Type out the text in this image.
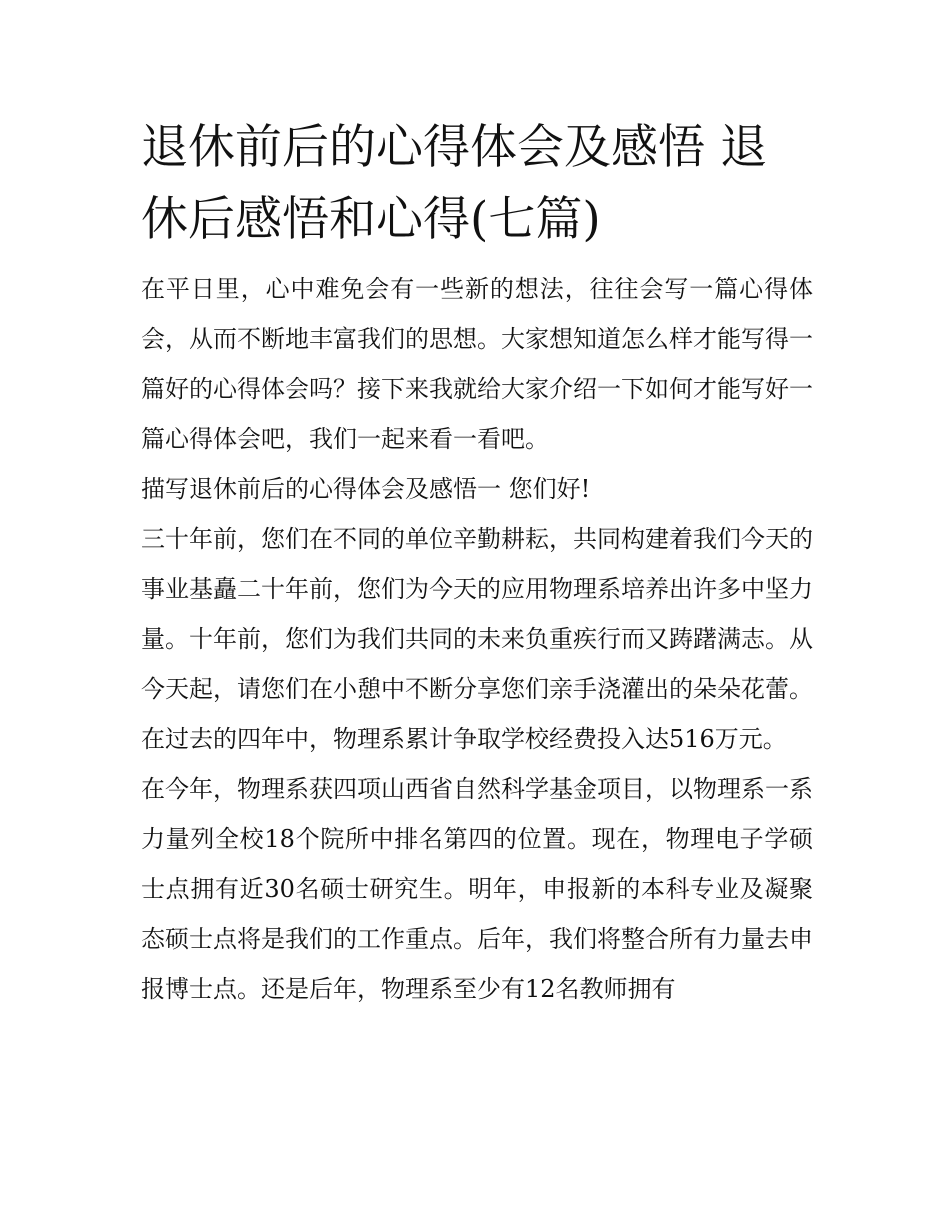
退休前后的心得体会及感悟 退休后感悟和心得(七篇)

在平日里，心中难免会有一些新的想法，往往会写一篇心得体会，从而不断地丰富我们的思想。大家想知道怎么样才能写得一篇好的心得体会吗？接下来我就给大家介绍一下如何才能写好一篇心得体会吧，我们一起来看一看吧。

描写退休前后的心得体会及感悟一 您们好!

三十年前，您们在不同的单位辛勤耕耘，共同构建着我们今天的事业基矗二十年前，您们为今天的应用物理系培养出许多中坚力量。十年前，您们为我们共同的未来负重疾行而又踌躇满志。从今天起，请您们在小憩中不断分享您们亲手浇灌出的朵朵花蕾。

在过去的四年中，物理系累计争取学校经费投入达516万元。

在今年，物理系获四项山西省自然科学基金项目，以物理系一系力量列全校18个院所中排名第四的位置。现在，物理电子学硕士点拥有近30名硕士研究生。明年，申报新的本科专业及凝聚态硕士点将是我们的工作重点。后年，我们将整合所有力量去申报博士点。还是后年，物理系至少有12名教师拥有
